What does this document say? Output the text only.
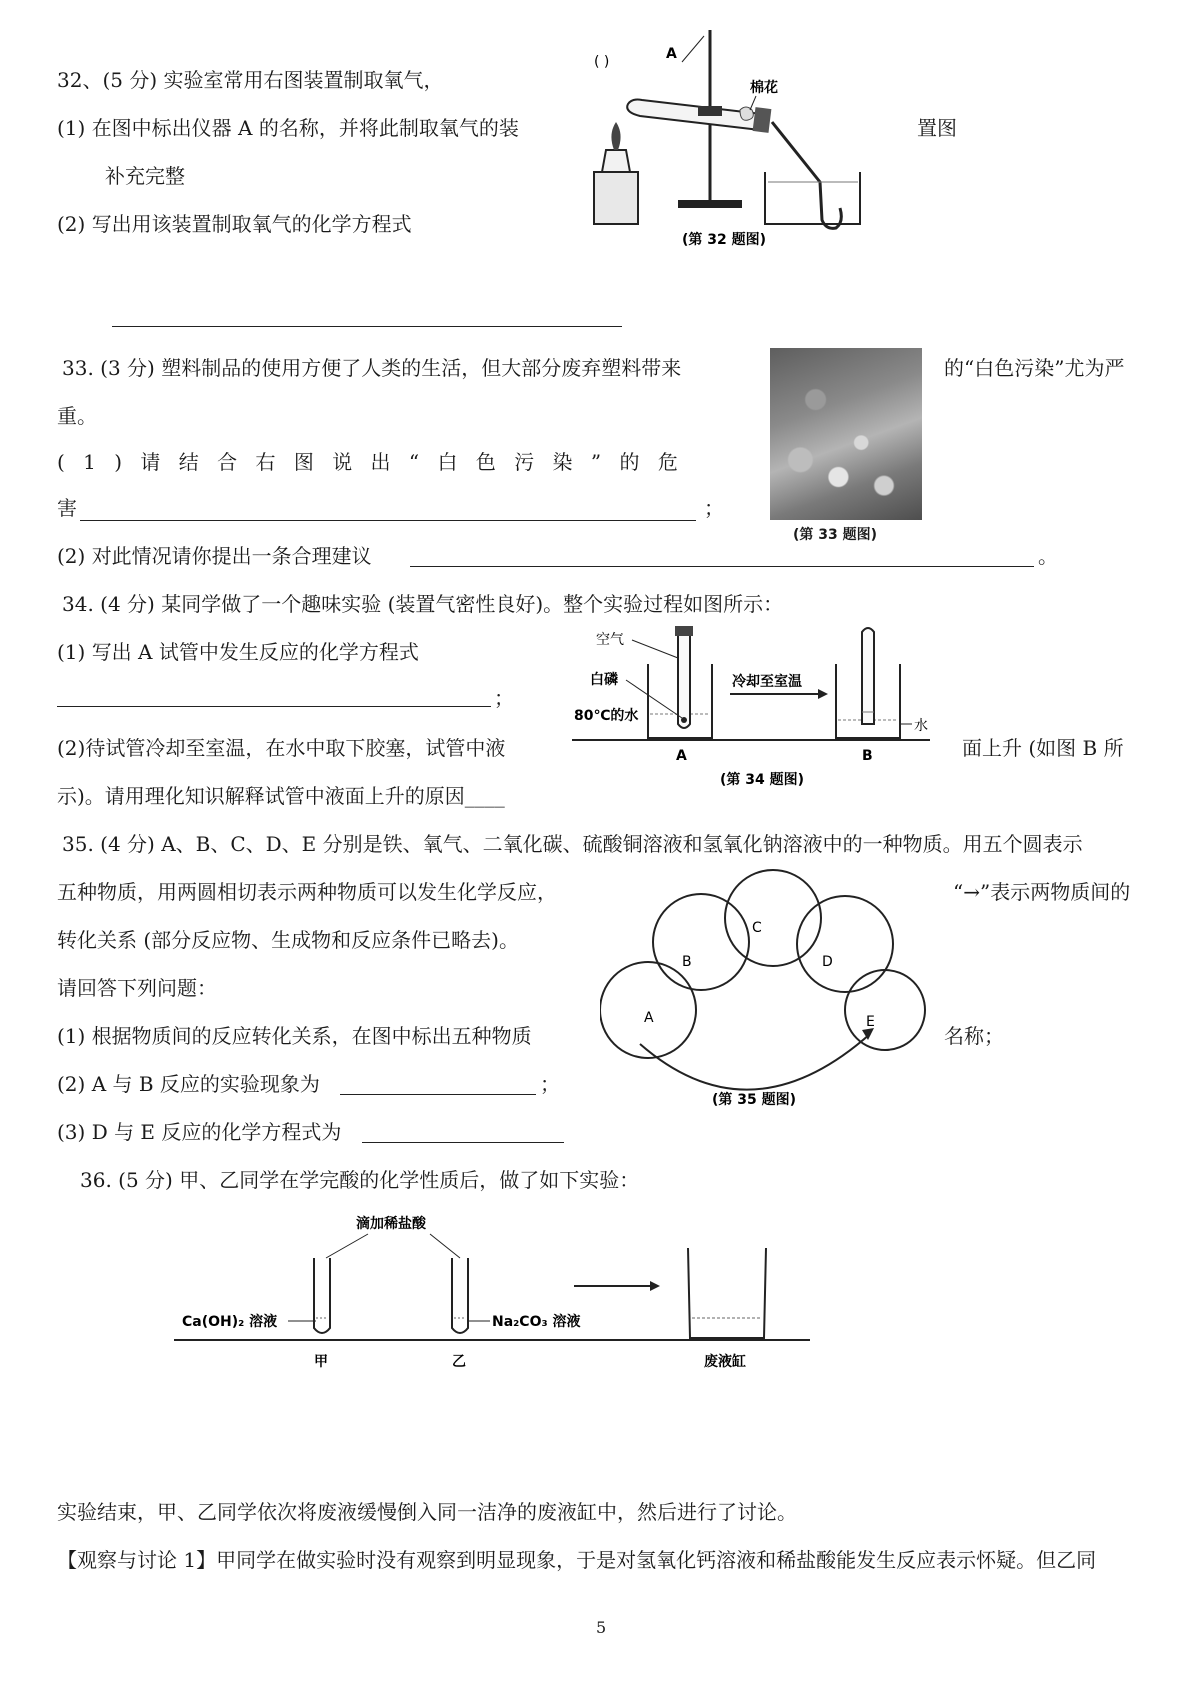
32、(5 分) 实验室常用右图装置制取氧气，
(1) 在图中标出仪器 A 的名称，并将此制取氧气的装	置图
补充完整
(2) 写出用该装置制取氧气的化学方程式
A
( )
棉花
(第 32 题图)
33. (3 分) 塑料制品的使用方便了人类的生活，但大部分废弃塑料带来	的“白色污染”尤为严
重。
( 1 ) 请 结 合 右 图 说 出 “ 白 色 污 染 ” 的 危
害	；
(2) 对此情况请你提出一条合理建议	。
(第 33 题图)
34. (4 分) 某同学做了一个趣味实验 (装置气密性良好)。整个实验过程如图所示：
(1) 写出 A 试管中发生反应的化学方程式
；
(2)待试管冷却至室温，在水中取下胶塞，试管中液	面上升 (如图 B 所
示)。请用理化知识解释试管中液面上升的原因____
空气
白磷
80℃的水
冷却至室温
水
A	B
(第 34 题图)
35. (4 分) A、B、C、D、E 分别是铁、氧气、二氧化碳、硫酸铜溶液和氢氧化钠溶液中的一种物质。用五个圆表示
五种物质，用两圆相切表示两种物质可以发生化学反应，	“→”表示两物质间的
转化关系 (部分反应物、生成物和反应条件已略去)。
请回答下列问题：
(1) 根据物质间的反应转化关系，在图中标出五种物质	名称；
(2) A 与 B 反应的实验现象为	；
(3) D 与 E 反应的化学方程式为
A
B
C
D
E
(第 35 题图)
36. (5 分) 甲、乙同学在学完酸的化学性质后，做了如下实验：
滴加稀盐酸
Ca(OH)₂ 溶液	Na₂CO₃ 溶液
甲	乙	废液缸
实验结束，甲、乙同学依次将废液缓慢倒入同一洁净的废液缸中，然后进行了讨论。
【观察与讨论 1】甲同学在做实验时没有观察到明显现象，于是对氢氧化钙溶液和稀盐酸能发生反应表示怀疑。但乙同
5
